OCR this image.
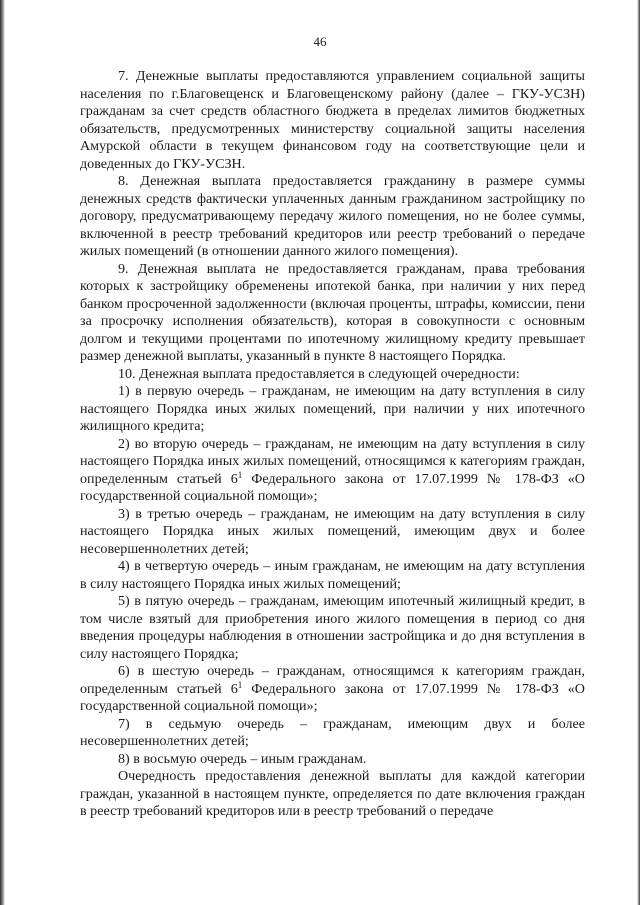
46

7. Денежные выплаты предоставляются управлением социальной защиты населения по г.Благовещенск и Благовещенскому району (далее – ГКУ-УСЗН) гражданам за счет средств областного бюджета в пределах лимитов бюджетных обязательств, предусмотренных министерству социальной защиты населения Амурской области в текущем финансовом году на соответствующие цели и доведенных до ГКУ-УСЗН.

8. Денежная выплата предоставляется гражданину в размере суммы денежных средств фактически уплаченных данным гражданином застройщику по договору, предусматривающему передачу жилого помещения, но не более суммы, включенной в реестр требований кредиторов или реестр требований о передаче жилых помещений (в отношении данного жилого помещения).

9. Денежная выплата не предоставляется гражданам, права требования которых к застройщику обременены ипотекой банка, при наличии у них перед банком просроченной задолженности (включая проценты, штрафы, комиссии, пени за просрочку исполнения обязательств), которая в совокупности с основным долгом и текущими процентами по ипотечному жилищному кредиту превышает размер денежной выплаты, указанный в пункте 8 настоящего Порядка.

10. Денежная выплата предоставляется в следующей очередности:

1) в первую очередь – гражданам, не имеющим на дату вступления в силу настоящего Порядка иных жилых помещений, при наличии у них ипотечного жилищного кредита;

2) во вторую очередь – гражданам, не имеющим на дату вступления в силу настоящего Порядка иных жилых помещений, относящимся к категориям граждан, определенным статьей $6^1$ Федерального закона от 17.07.1999 № 178-ФЗ «О государственной социальной помощи»;

3) в третью очередь – гражданам, не имеющим на дату вступления в силу настоящего Порядка иных жилых помещений, имеющим двух и более несовершеннолетних детей;

4) в четвертую очередь – иным гражданам, не имеющим на дату вступления в силу настоящего Порядка иных жилых помещений;

5) в пятую очередь – гражданам, имеющим ипотечный жилищный кредит, в том числе взятый для приобретения иного жилого помещения в период со дня введения процедуры наблюдения в отношении застройщика и до дня вступления в силу настоящего Порядка;

6) в шестую очередь – гражданам, относящимся к категориям граждан, определенным статьей $6^1$ Федерального закона от 17.07.1999 № 178-ФЗ «О государственной социальной помощи»;

7) в седьмую очередь – гражданам, имеющим двух и более несовершеннолетних детей;

8) в восьмую очередь – иным гражданам.

Очередность предоставления денежной выплаты для каждой категории граждан, указанной в настоящем пункте, определяется по дате включения граждан в реестр требований кредиторов или в реестр требований о передаче
